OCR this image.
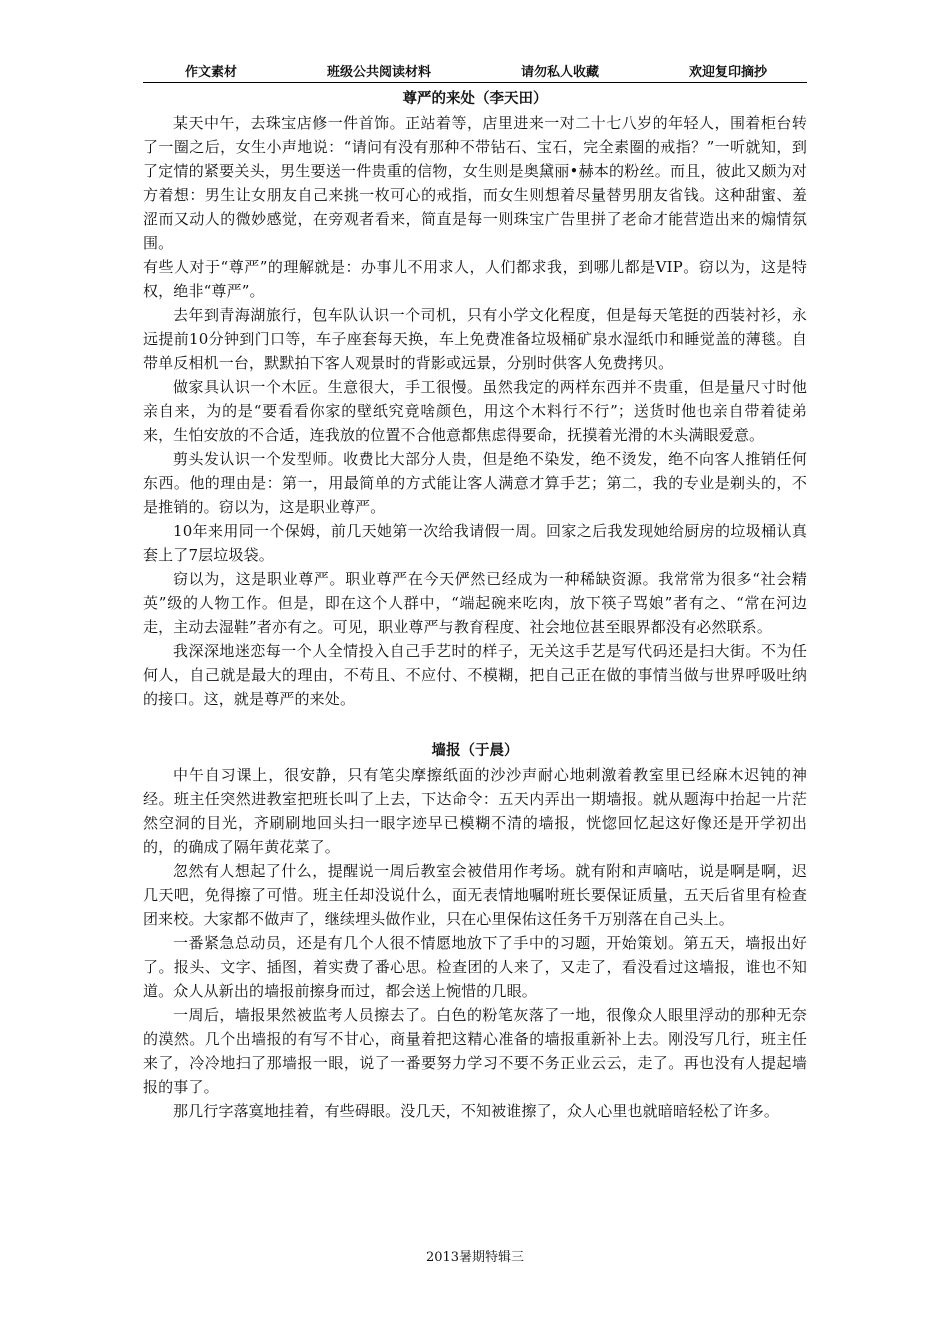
作文素材	班级公共阅读材料	请勿私人收藏	欢迎复印摘抄
尊严的来处（李天田）

某天中午，去珠宝店修一件首饰。正站着等，店里进来一对二十七八岁的年轻人，围着柜台转了一圈之后，女生小声地说：“请问有没有那种不带钻石、宝石，完全素圈的戒指？”一听就知，到了定情的紧要关头，男生要送一件贵重的信物，女生则是奥黛丽•赫本的粉丝。而且，彼此又颇为对方着想：男生让女朋友自己来挑一枚可心的戒指，而女生则想着尽量替男朋友省钱。这种甜蜜、羞涩而又动人的微妙感觉，在旁观者看来，简直是每一则珠宝广告里拼了老命才能营造出来的煽情氛围。

有些人对于“尊严”的理解就是：办事儿不用求人，人们都求我，到哪儿都是VIP。窃以为，这是特权，绝非“尊严”。

去年到青海湖旅行，包车队认识一个司机，只有小学文化程度，但是每天笔挺的西装衬衫，永远提前10分钟到门口等，车子座套每天换，车上免费准备垃圾桶矿泉水湿纸巾和睡觉盖的薄毯。自带单反相机一台，默默拍下客人观景时的背影或远景，分别时供客人免费拷贝。

做家具认识一个木匠。生意很大，手工很慢。虽然我定的两样东西并不贵重，但是量尺寸时他亲自来，为的是“要看看你家的壁纸究竟啥颜色，用这个木料行不行”；送货时他也亲自带着徒弟来，生怕安放的不合适，连我放的位置不合他意都焦虑得要命，抚摸着光滑的木头满眼爱意。

剪头发认识一个发型师。收费比大部分人贵，但是绝不染发，绝不烫发，绝不向客人推销任何东西。他的理由是：第一，用最简单的方式能让客人满意才算手艺；第二，我的专业是剃头的，不是推销的。窃以为，这是职业尊严。

10年来用同一个保姆，前几天她第一次给我请假一周。回家之后我发现她给厨房的垃圾桶认真套上了7层垃圾袋。

窃以为，这是职业尊严。职业尊严在今天俨然已经成为一种稀缺资源。我常常为很多“社会精英”级的人物工作。但是，即在这个人群中，“端起碗来吃肉，放下筷子骂娘”者有之、“常在河边走，主动去湿鞋”者亦有之。可见，职业尊严与教育程度、社会地位甚至眼界都没有必然联系。

我深深地迷恋每一个人全情投入自己手艺时的样子，无关这手艺是写代码还是扫大街。不为任何人，自己就是最大的理由，不苟且、不应付、不模糊，把自己正在做的事情当做与世界呼吸吐纳的接口。这，就是尊严的来处。

墙报（于晨）

中午自习课上，很安静，只有笔尖摩擦纸面的沙沙声耐心地刺激着教室里已经麻木迟钝的神经。班主任突然进教室把班长叫了上去，下达命令：五天内弄出一期墙报。就从题海中抬起一片茫然空洞的目光，齐刷刷地回头扫一眼字迹早已模糊不清的墙报，恍惚回忆起这好像还是开学初出的，的确成了隔年黄花菜了。

忽然有人想起了什么，提醒说一周后教室会被借用作考场。就有附和声嘀咕，说是啊是啊，迟几天吧，免得擦了可惜。班主任却没说什么，面无表情地嘱咐班长要保证质量，五天后省里有检查团来校。大家都不做声了，继续埋头做作业，只在心里保佑这任务千万别落在自己头上。

一番紧急总动员，还是有几个人很不情愿地放下了手中的习题，开始策划。第五天，墙报出好了。报头、文字、插图，着实费了番心思。检查团的人来了，又走了，看没看过这墙报，谁也不知道。众人从新出的墙报前擦身而过，都会送上惋惜的几眼。

一周后，墙报果然被监考人员擦去了。白色的粉笔灰落了一地，很像众人眼里浮动的那种无奈的漠然。几个出墙报的有写不甘心，商量着把这精心准备的墙报重新补上去。刚没写几行，班主任来了，冷冷地扫了那墙报一眼，说了一番要努力学习不要不务正业云云，走了。再也没有人提起墙报的事了。

那几行字落寞地挂着，有些碍眼。没几天，不知被谁擦了，众人心里也就暗暗轻松了许多。

2013暑期特辑三
